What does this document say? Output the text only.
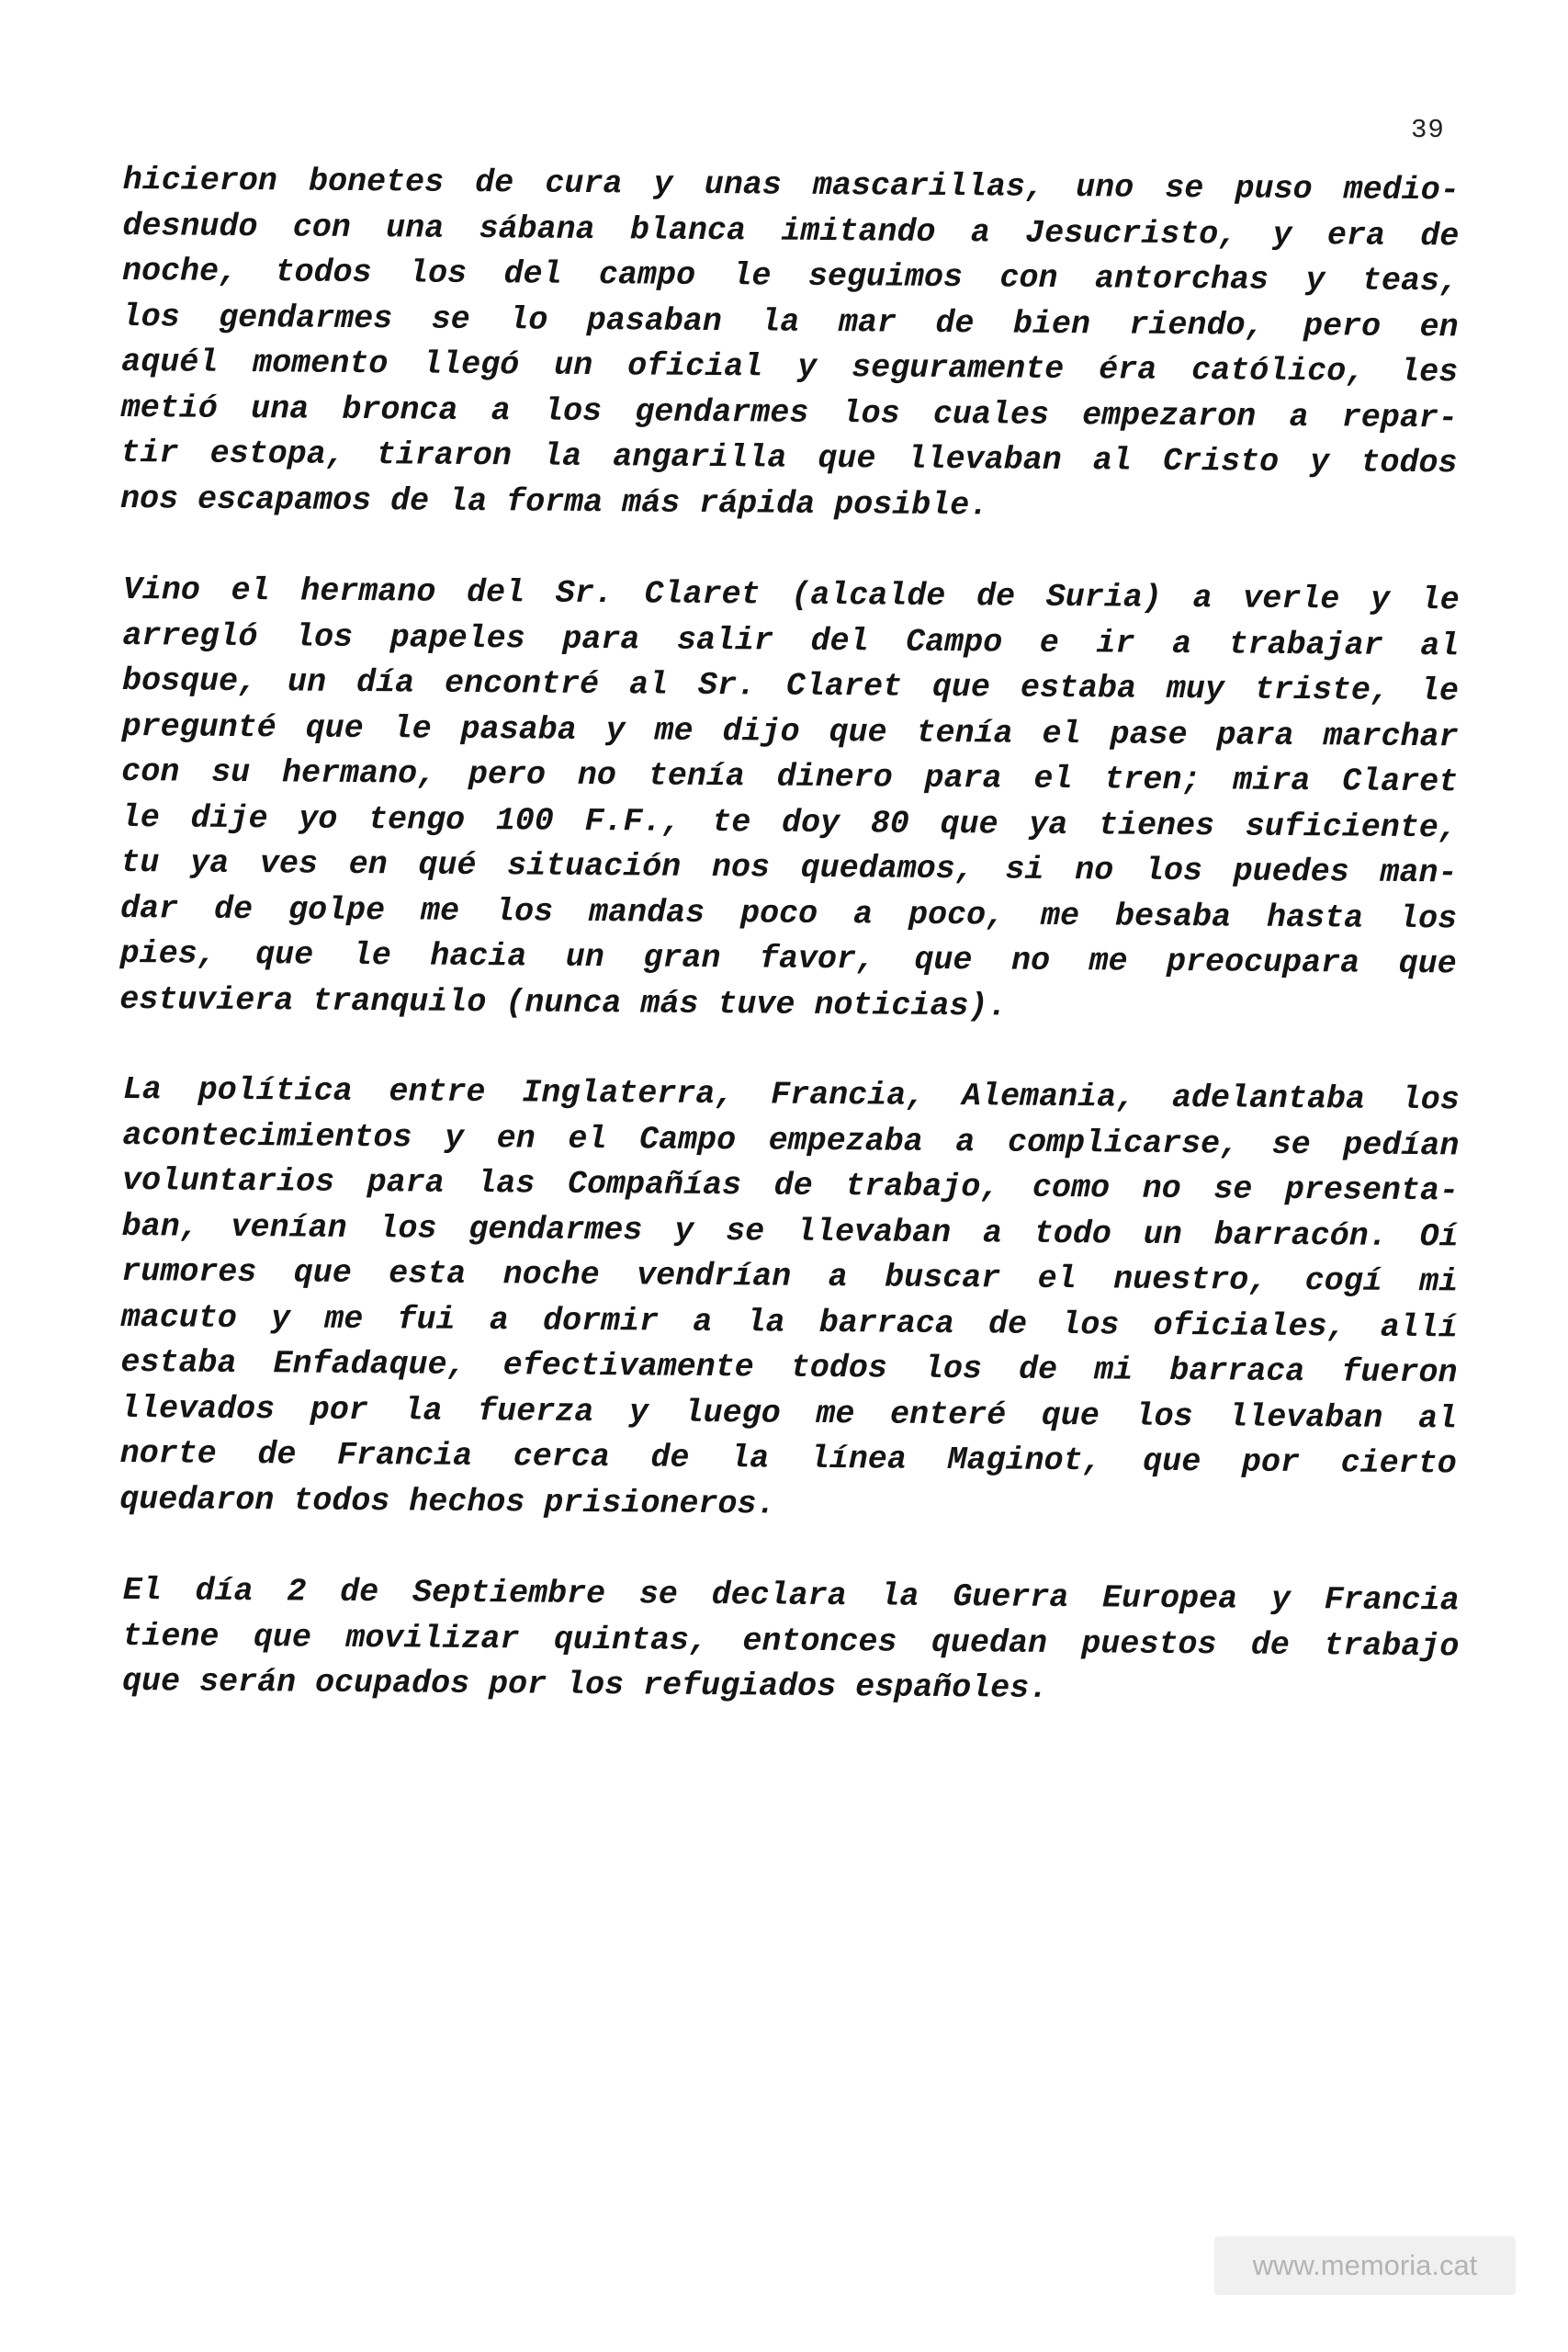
39

hicieron bonetes de cura y unas mascarillas, uno se puso medio-
desnudo con una sábana blanca imitando a Jesucristo, y era de
noche, todos los del campo le seguimos con antorchas y teas,
los gendarmes se lo pasaban la mar de bien riendo, pero en
aquél momento llegó un oficial y seguramente éra católico, les
metió una bronca a los gendarmes los cuales empezaron a repar-
tir estopa, tiraron la angarilla que llevaban al Cristo y todos
nos escapamos de la forma más rápida posible.

Vino el hermano del Sr. Claret (alcalde de Suria) a verle y le
arregló los papeles para salir del Campo e ir a trabajar al
bosque, un día encontré al Sr. Claret que estaba muy triste, le
pregunté que le pasaba y me dijo que tenía el pase para marchar
con su hermano, pero no tenía dinero para el tren; mira Claret
le dije yo tengo 100 F.F., te doy 80 que ya tienes suficiente,
tu ya ves en qué situación nos quedamos, si no los puedes man-
dar de golpe me los mandas poco a poco, me besaba hasta los
pies, que le hacia un gran favor, que no me preocupara que
estuviera tranquilo (nunca más tuve noticias).

La política entre Inglaterra, Francia, Alemania, adelantaba los
acontecimientos y en el Campo empezaba a complicarse, se pedían
voluntarios para las Compañías de trabajo, como no se presenta-
ban, venían los gendarmes y se llevaban a todo un barracón. Oí
rumores que esta noche vendrían a buscar el nuestro, cogí mi
macuto y me fui a dormir a la barraca de los oficiales, allí
estaba Enfadaque, efectivamente todos los de mi barraca fueron
llevados por la fuerza y luego me enteré que los llevaban al
norte de Francia cerca de la línea Maginot, que por cierto
quedaron todos hechos prisioneros.

El día 2 de Septiembre se declara la Guerra Europea y Francia
tiene que movilizar quintas, entonces quedan puestos de trabajo
que serán ocupados por los refugiados españoles.

www.memoria.cat
